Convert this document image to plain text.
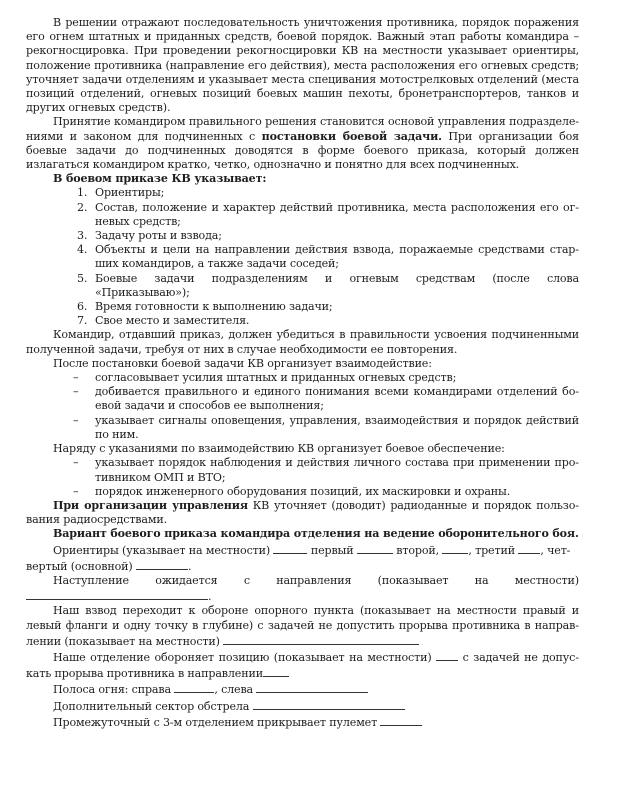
В решении отражают последовательность уничтожения противника, порядок поражения его огнем штатных и приданных средств, боевой порядок. Важный этап работы командира – рекогносцировка. При проведении рекогносцировки КВ на местности указывает ориентиры, положение противника (направление его действия), места расположения его огневых средств; уточняет задачи отделениям и указывает места специвания мотострелковых отделений (места позиций отделений, огневых позиций боевых машин пехоты, бронетранспортеров, танков и других огневых средств).

Принятие командиром правильного решения становится основой управления подразделениями и законом для подчиненных с постановки боевой задачи. При организации боя боевые задачи до подчиненных доводятся в форме боевого приказа, который должен излагаться командиром кратко, четко, однозначно и понятно для всех подчиненных.

В боевом приказе КВ указывает:

1. Ориентиры;
2. Состав, положение и характер действий противника, места расположения его огневых средств;
3. Задачу роты и взвода;
4. Объекты и цели на направлении действия взвода, поражаемые средствами старших командиров, а также задачи соседей;
5. Боевые задачи подразделениям и огневым средствам (после слова «Приказываю»);
6. Время готовности к выполнению задачи;
7. Свое место и заместителя.

Командир, отдавший приказ, должен убедиться в правильности усвоения подчиненными полученной задачи, требуя от них в случае необходимости ее повторения.

После постановки боевой задачи КВ организует взаимодействие:

– согласовывает усилия штатных и приданных огневых средств;
– добивается правильного и единого понимания всеми командирами отделений боевой задачи и способов ее выполнения;
– указывает сигналы оповещения, управления, взаимодействия и порядок действий по ним.

Наряду с указаниями по взаимодействию КВ организует боевое обеспечение:

– указывает порядок наблюдения и действия личного состава при применении противником ОМП и ВТО;
– порядок инженерного оборудования позиций, их маскировки и охраны.

При организации управления КВ уточняет (доводит) радиоданные и порядок пользования радиосредствами.

Вариант боевого приказа командира отделения на ведение оборонительного боя.

Ориентиры (указывает на местности)	первый	второй,	, третий , чет-
вертый (основной)	.

Наступление ожидается с направления (показывает на местности)

.

Наш взвод переходит к обороне опорного пункта (показывает на местности правый и левый фланги и одну точку в глубине) с задачей не допустить прорыва противника в направлении (показывает на местности)

Наше отделение обороняет позицию (показывает на местности)	с задачей не допускать прорыва противника в направлении

Полоса огня: справа	, слева

Дополнительный сектор обстрела

Промежуточный с 3-м отделением прикрывает пулемет
